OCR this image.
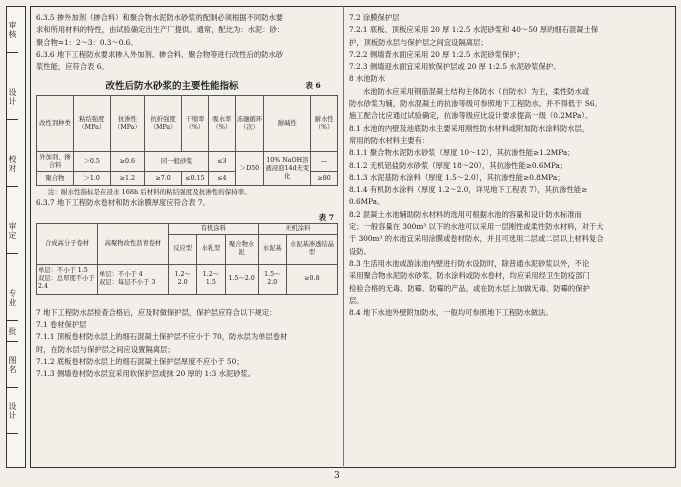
审核
设计
校对
审定
专业
批
图名
设计

6.3.5 掺外加剂（掺合料）和聚合物水泥防水砂浆的配制必须根据不同防水要

求和所用材料的特性，由试验确定出生产厂提供。通常，配比为：水泥：砂：

聚合物=1：2～3：0.3～0.6。

6.3.6 地下工程防水要求掺入外加剂、掺合料、聚合物等进行改性后的防水砂

浆性能，应符合表 6。

改性后防水砂浆的主要性能指标	表 6
改性剂种类	粘结强度（MPa）	抗渗性（MPa）	抗折强度（MPa）	干缩率（%）	吸水率（%）	冻融循环（次）	耐碱性	耐水性（%）
外加剂、掺合料	＞0.5	≥0.6	同一般砂浆		≤3	＞D50	10% NaOH溶液浸泡14d无变化	—
聚合物	＞1.0	≥1.2	≥7.0	≤0.15	≤4			≥80

注：耐水性指标是在浸水 168h 后材料的粘结强度及抗渗性的保持率。

6.3.7 地下工程防水卷材和防水涂膜厚度应符合表 7。

表 7
合成高分子卷材	高聚物改性沥青卷材	有机涂料			无机涂料	
		反应型	水乳型	聚合物水泥	水泥基	水泥基渗透结晶型
单层：不小于 1.5
双层：总厚度不小于 2.4	单层：不小于 4
双层：每层不小于 3	1.2～2.0	1.2～1.5	1.5～2.0	1.5～2.0	≥0.8

7 地下工程防水层检查合格后，应及时做保护层，保护层应符合以下规定：

7.1 卷材保护层

7.1.1 顶板卷材防水层上的细石混凝土保护层不应小于 70，防水层为单层卷材

时，在防水层与保护层之间应设置隔离层；

7.1.2 底板卷材防水层上的细石混凝土保护层厚度不应小于 50；

7.1.3 侧墙卷材防水层宜采用软保护层或抹 20 厚的 1:3 水泥砂浆。

7.2 涂膜保护层

7.2.1 底板、顶板应采用 20 厚 1:2.5 水泥砂浆和 40～50 厚的细石混凝土保

护，顶板防水层与保护层之间宜设隔离层；

7.2.2 侧墙背水面应采用 20 厚 1:2.5 水泥砂浆保护；

7.2.3 侧墙迎水面宜采用软保护层或 20 厚 1:2.5 水泥砂浆保护。

8 水池防水

水池防水应采用钢筋混凝土结构主体防水（自防水）为主，柔性防水或

防水砂浆为辅，防水混凝土的抗渗等级可参照地下工程防水，并不得低于 S6。

施工配合比应通过试验确定，抗渗等级应比设计要求提高一级（0.2MPa）。

8.1 水池的内壁及池底防水主要采用刚性防水材料或附加防水涂料防水层，

常用的防水材料主要有：

8.1.1 聚合物水泥防水砂浆（厚度 10～12），其抗渗性能≥1.2MPa；

8.1.2 无机铝盐防水砂浆（厚度 18～20），其抗渗性能≥0.6MPa；

8.1.3 水泥基防水涂料（厚度 1.5～2.0），其抗渗性能≥0.8MPa；

8.1.4 有机防水涂料（厚度 1.2～2.0，详见地下工程表 7），其抗渗性能≥

0.6MPa。

8.2 混凝土水池辅助防水材料的选用可根据水池的容量和设计防水标准而

定；一般容量在 300m³ 以下的水池可以采用一层刚性或柔性防水材料，对于大

于 300m³ 的水池宜采用涂膜或卷材防水，并且可选用二层或二层以上材料复合

设防。

8.3 生活用水池或游泳池内壁进行防水设防时，除普通水泥砂浆以外，不论

采用聚合物水泥防水砂浆、防水涂料或防水卷材，均应采用经卫生防疫部门

检验合格的无毒、防霉、防霉的产品，或在防水层上加做无毒、防霉的保护

层。

8.4 地下水池外壁附加防水，一般均可参照地下工程防水做法。

3
